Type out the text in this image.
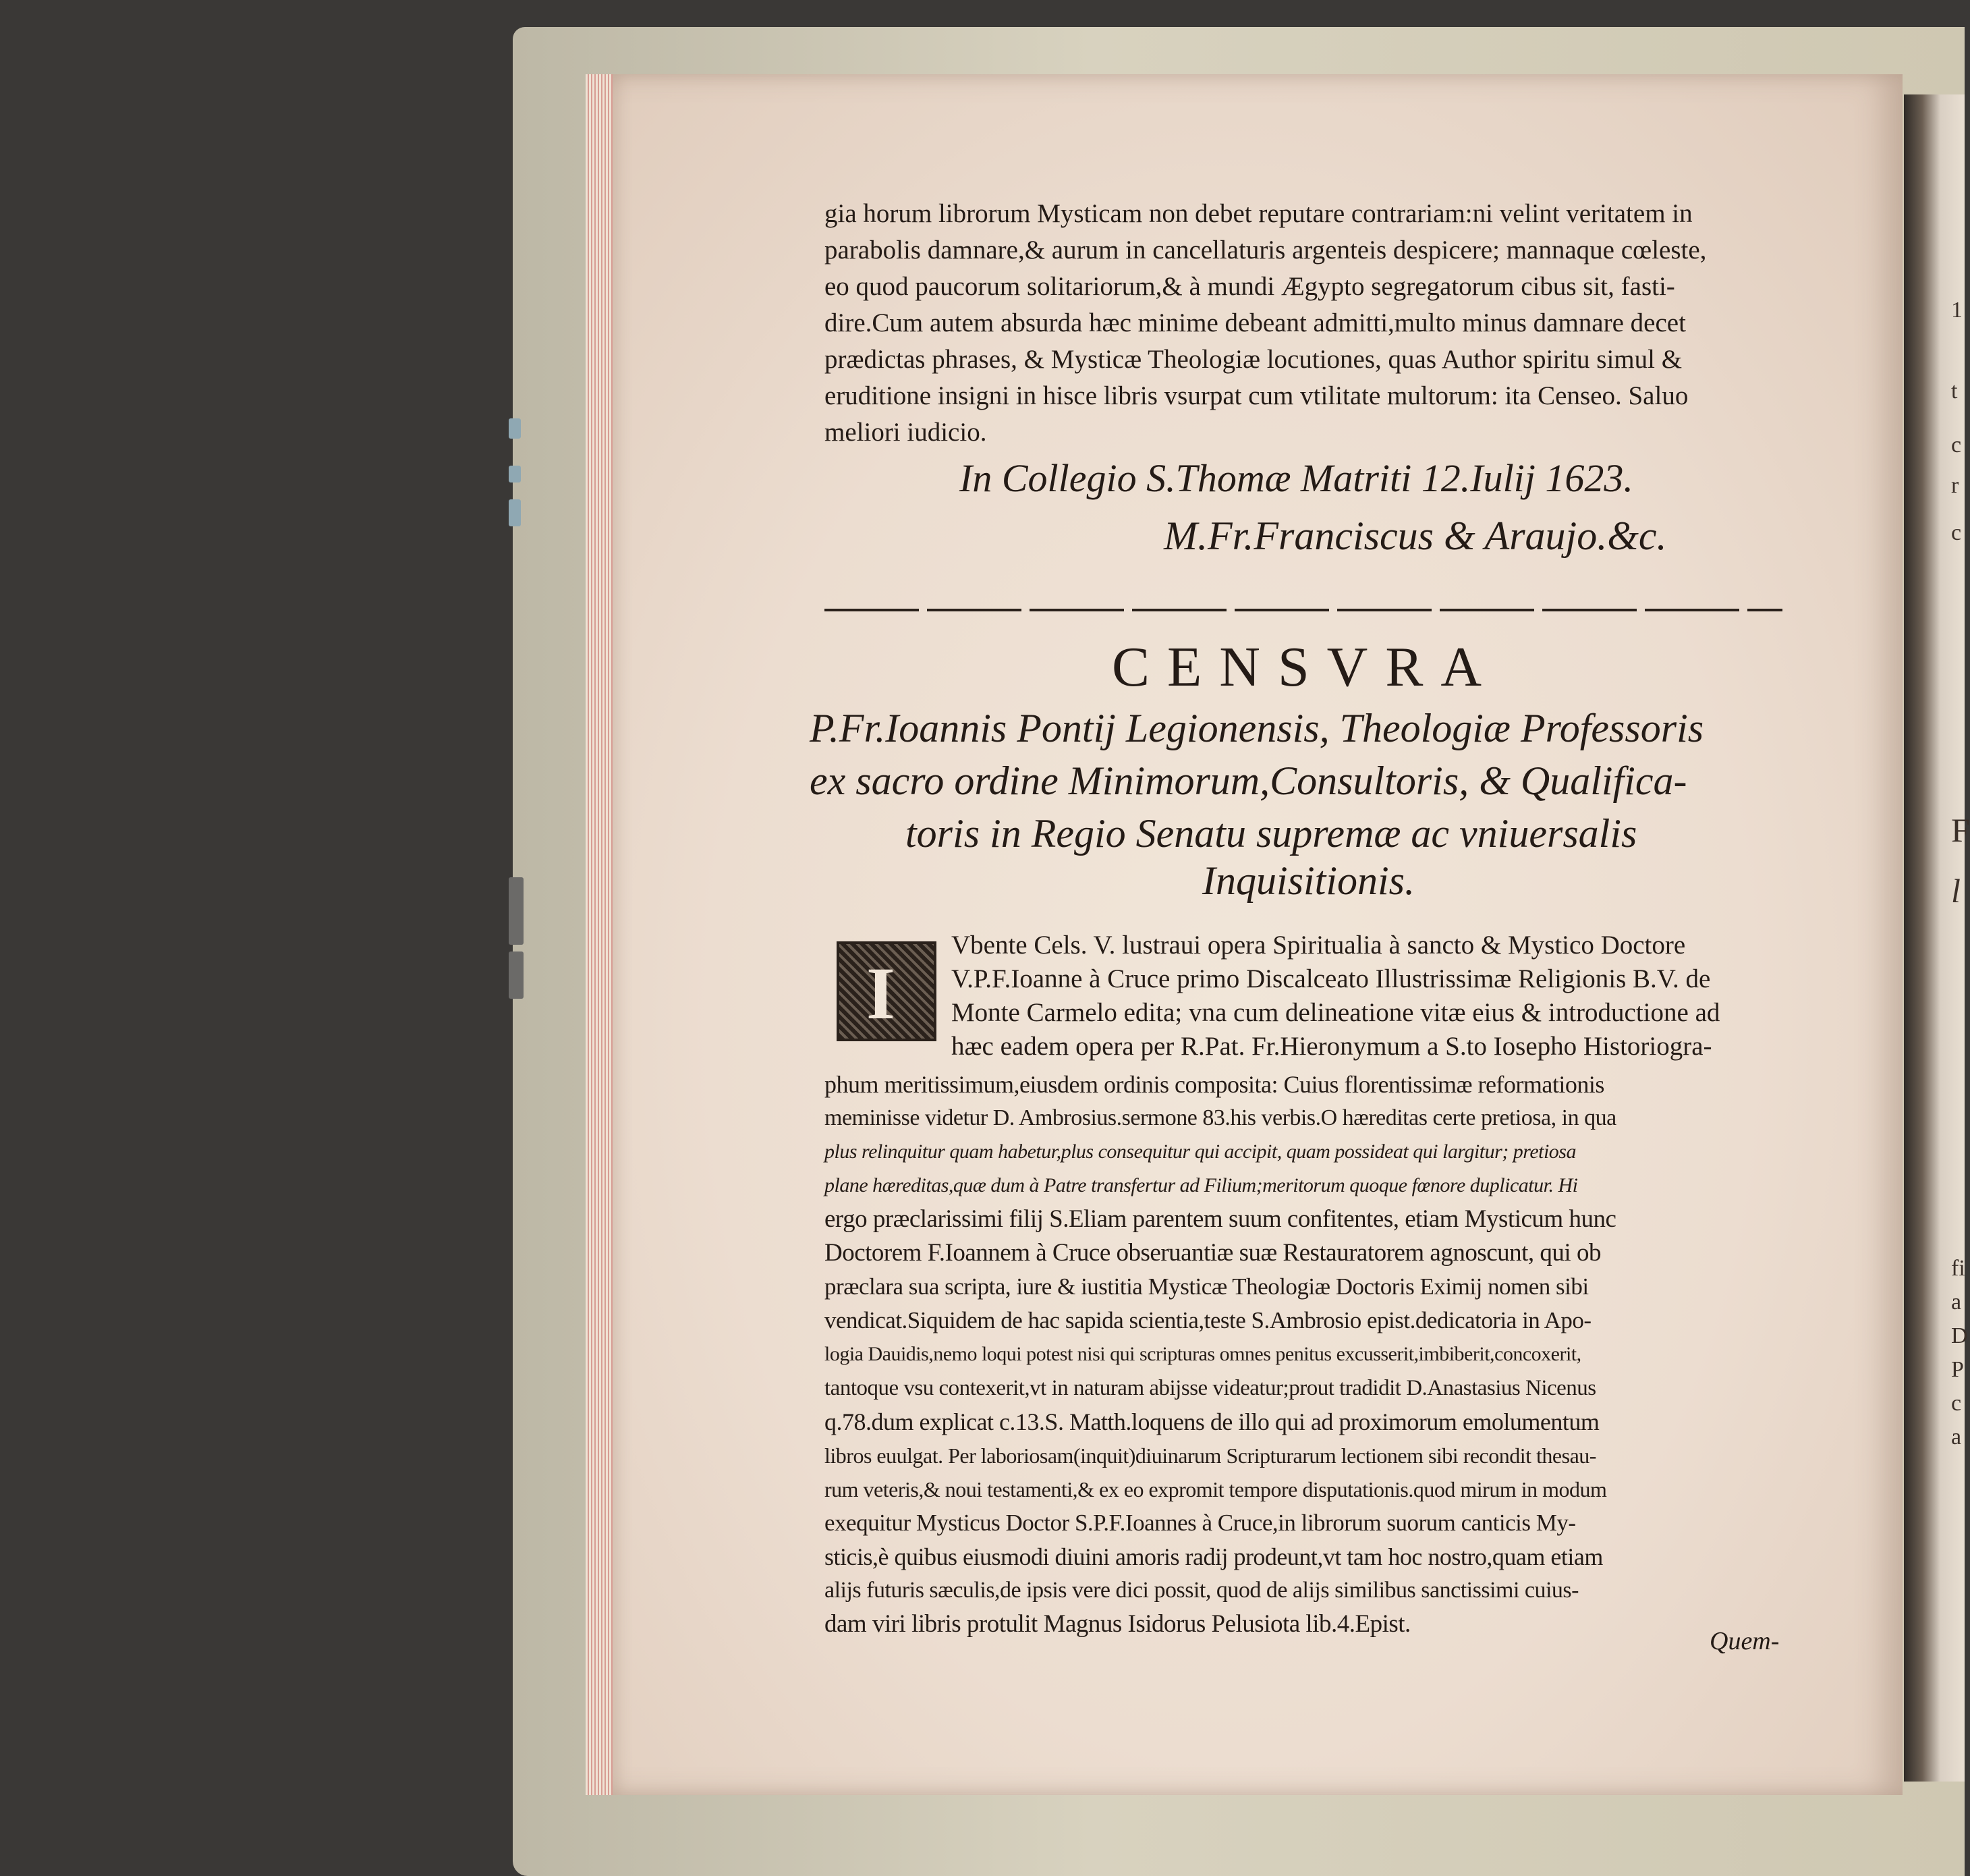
1
t
c
r
c
F
l
fi
a
D
P
c
a
gia horum librorum Mysticam non debet reputare contrariam:ni velint veritatem in
parabolis damnare,& aurum in cancellaturis argenteis despicere; mannaque cœleste,
eo quod paucorum solitariorum,& à mundi Ægypto segregatorum cibus sit, fasti-
dire.Cum autem absurda hæc minime debeant admitti,multo minus damnare decet
prædictas phrases, & Mysticæ Theologiæ locutiones, quas Author spiritu simul &
eruditione insigni in hisce libris vsurpat cum vtilitate multorum: ita Censeo. Saluo
meliori iudicio.
In Collegio S.Thomæ Matriti 12.Iulij 1623.
M.Fr.Franciscus & Araujo.&c.
CENSVRA
P.Fr.Ioannis Pontij Legionensis, Theologiæ Professoris
ex sacro ordine Minimorum,Consultoris, & Qualifica-
toris in Regio Senatu supremæ ac vniuersalis
Inquisitionis.
I
Vbente Cels. V. lustraui opera Spiritualia à sancto & Mystico Doctore
V.P.F.Ioanne à Cruce primo Discalceato Illustrissimæ Religionis B.V. de
Monte Carmelo edita; vna cum delineatione vitæ eius & introductione ad
hæc eadem opera per R.Pat. Fr.Hieronymum a S.to Iosepho Historiogra-
phum meritissimum,eiusdem ordinis composita: Cuius florentissimæ reformationis
meminisse videtur D. Ambrosius.sermone 83.his verbis.O hæreditas certe pretiosa, in qua
plus relinquitur quam habetur,plus consequitur qui accipit, quam possideat qui largitur; pretiosa
plane hæreditas,quæ dum à Patre transfertur ad Filium;meritorum quoque fœnore duplicatur. Hi
ergo præclarissimi filij S.Eliam parentem suum confitentes, etiam Mysticum hunc
Doctorem F.Ioannem à Cruce obseruantiæ suæ Restauratorem agnoscunt, qui ob
præclara sua scripta, iure & iustitia Mysticæ Theologiæ Doctoris Eximij nomen sibi
vendicat.Siquidem de hac sapida scientia,teste S.Ambrosio epist.dedicatoria in Apo-
logia Dauidis,nemo loqui potest nisi qui scripturas omnes penitus excusserit,imbiberit,concoxerit,
tantoque vsu contexerit,vt in naturam abijsse videatur;prout tradidit D.Anastasius Nicenus
q.78.dum explicat c.13.S. Matth.loquens de illo qui ad proximorum emolumentum
libros euulgat. Per laboriosam(inquit)diuinarum Scripturarum lectionem sibi recondit thesau-
rum veteris,& noui testamenti,& ex eo expromit tempore disputationis.quod mirum in modum
exequitur Mysticus Doctor S.P.F.Ioannes à Cruce,in librorum suorum canticis My-
sticis,è quibus eiusmodi diuini amoris radij prodeunt,vt tam hoc nostro,quam etiam
alijs futuris sæculis,de ipsis vere dici possit, quod de alijs similibus sanctissimi cuius-
dam viri libris protulit Magnus Isidorus Pelusiota lib.4.Epist.
Quem-
